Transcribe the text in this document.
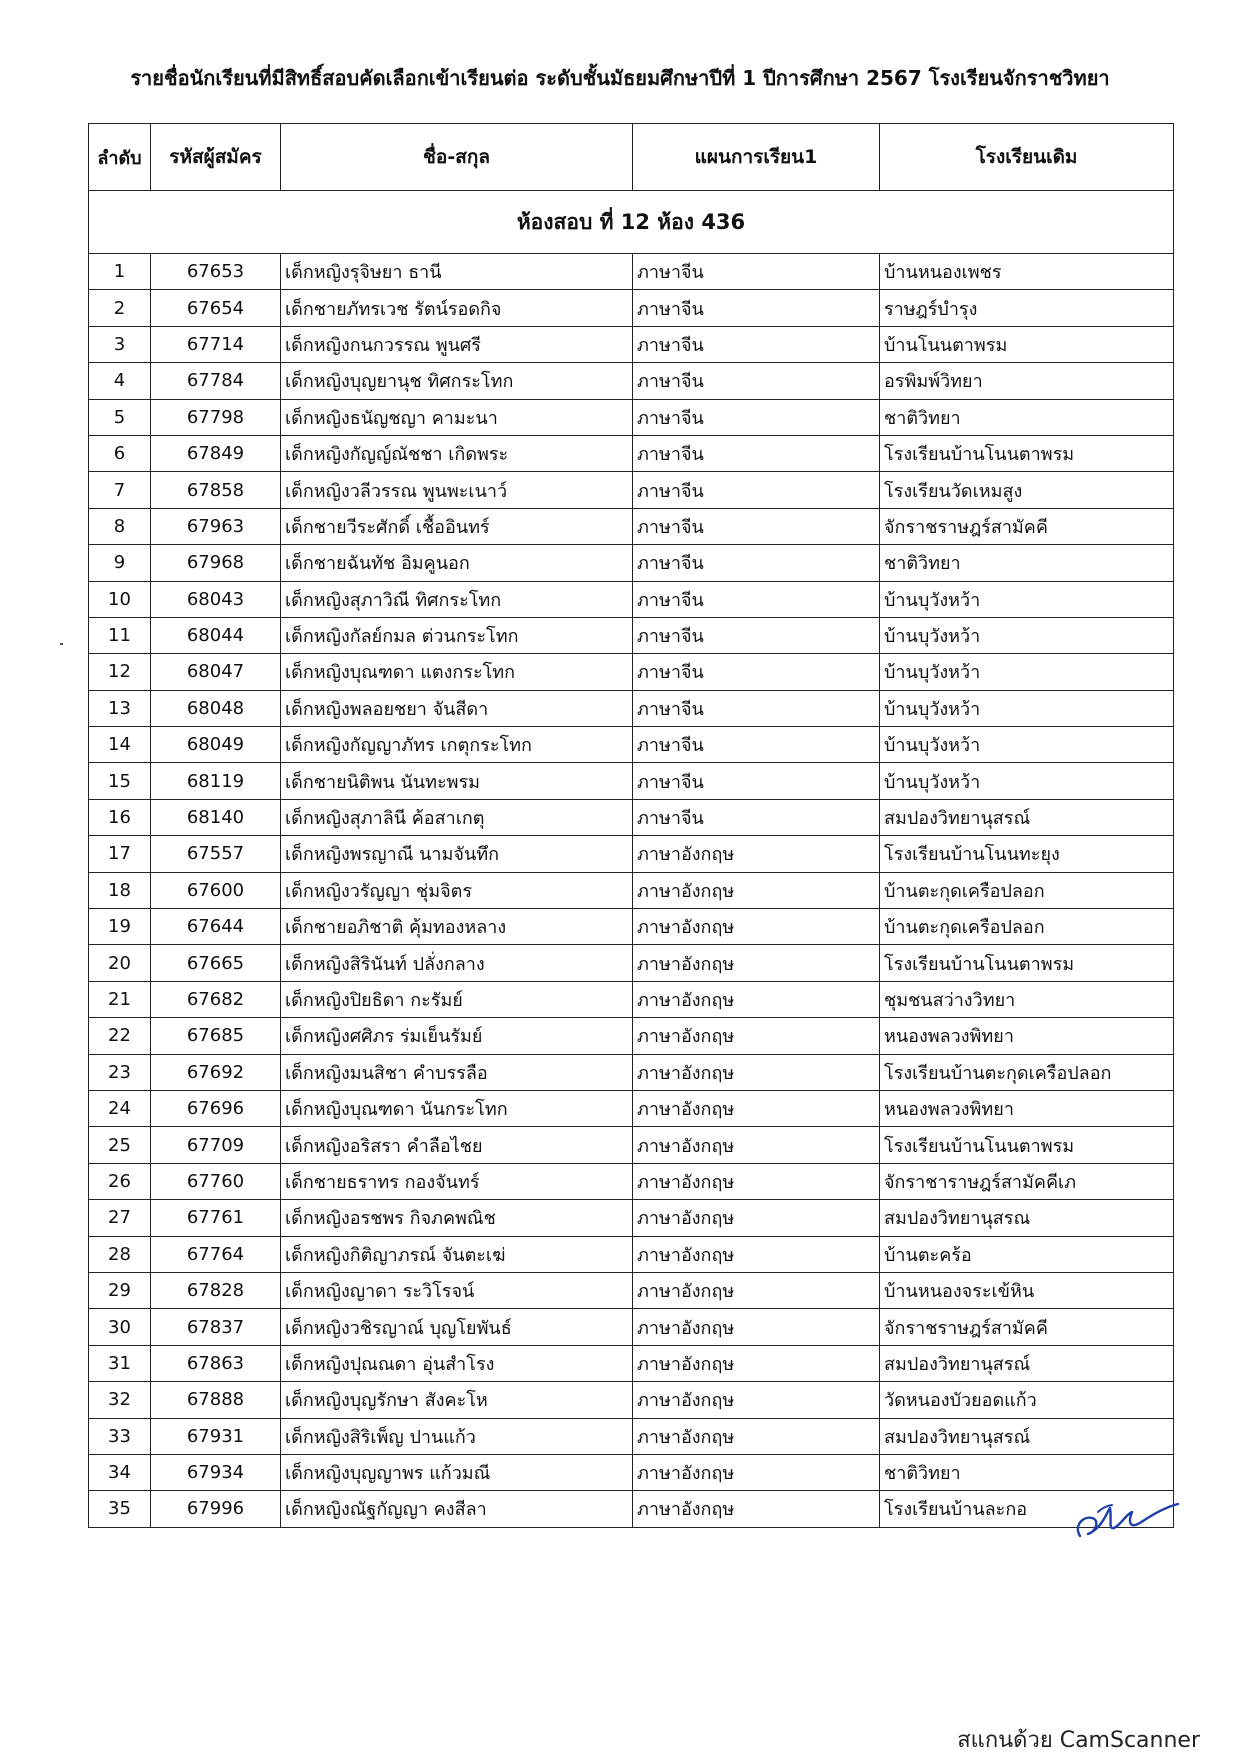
รายชื่อนักเรียนที่มีสิทธิ์สอบคัดเลือกเข้าเรียนต่อ ระดับชั้นมัธยมศึกษาปีที่ 1 ปีการศึกษา 2567 โรงเรียนจักราชวิทยา
ลำดับ	รหัสผู้สมัคร	ชื่อ-สกุล	แผนการเรียน1	โรงเรียนเดิม
ห้องสอบ ที่ 12 ห้อง 436				
1	67653	เด็กหญิงรุจิษยา ธานี	ภาษาจีน	บ้านหนองเพชร
2	67654	เด็กชายภัทรเวช รัตน์รอดกิจ	ภาษาจีน	ราษฎร์บำรุง
3	67714	เด็กหญิงกนกวรรณ พูนศรี	ภาษาจีน	บ้านโนนตาพรม
4	67784	เด็กหญิงบุญยานุช ทิศกระโทก	ภาษาจีน	อรพิมพ์วิทยา
5	67798	เด็กหญิงธนัญชญา คามะนา	ภาษาจีน	ชาติวิทยา
6	67849	เด็กหญิงกัญญ์ณัชชา เกิดพระ	ภาษาจีน	โรงเรียนบ้านโนนตาพรม
7	67858	เด็กหญิงวลีวรรณ พูนพะเนาว์	ภาษาจีน	โรงเรียนวัดเหมสูง
8	67963	เด็กชายวีระศักดิ์ เชื้ออินทร์	ภาษาจีน	จักราชราษฎร์สามัคคี
9	67968	เด็กชายฉันทัช อิมคูนอก	ภาษาจีน	ชาติวิทยา
10	68043	เด็กหญิงสุภาวิณี ทิศกระโทก	ภาษาจีน	บ้านบุวังหว้า
11	68044	เด็กหญิงกัลย์กมล ต่วนกระโทก	ภาษาจีน	บ้านบุวังหว้า
12	68047	เด็กหญิงบุณฑดา แตงกระโทก	ภาษาจีน	บ้านบุวังหว้า
13	68048	เด็กหญิงพลอยชยา จันสีดา	ภาษาจีน	บ้านบุวังหว้า
14	68049	เด็กหญิงกัญญาภัทร เกตุกระโทก	ภาษาจีน	บ้านบุวังหว้า
15	68119	เด็กชายนิติพน นันทะพรม	ภาษาจีน	บ้านบุวังหว้า
16	68140	เด็กหญิงสุภาลินี ค้อสาเกตุ	ภาษาจีน	สมปองวิทยานุสรณ์
17	67557	เด็กหญิงพรญาณี นามจันทึก	ภาษาอังกฤษ	โรงเรียนบ้านโนนทะยุง
18	67600	เด็กหญิงวรัญญา ชุ่มจิตร	ภาษาอังกฤษ	บ้านตะกุดเครือปลอก
19	67644	เด็กชายอภิชาติ คุ้มทองหลาง	ภาษาอังกฤษ	บ้านตะกุดเครือปลอก
20	67665	เด็กหญิงสิรินันท์ ปลั่งกลาง	ภาษาอังกฤษ	โรงเรียนบ้านโนนตาพรม
21	67682	เด็กหญิงปิยธิดา กะรัมย์	ภาษาอังกฤษ	ชุมชนสว่างวิทยา
22	67685	เด็กหญิงศศิภร ร่มเย็นรัมย์	ภาษาอังกฤษ	หนองพลวงพิทยา
23	67692	เด็กหญิงมนสิชา คำบรรลือ	ภาษาอังกฤษ	โรงเรียนบ้านตะกุดเครือปลอก
24	67696	เด็กหญิงบุณฑดา นันกระโทก	ภาษาอังกฤษ	หนองพลวงพิทยา
25	67709	เด็กหญิงอริสรา คำลือไชย	ภาษาอังกฤษ	โรงเรียนบ้านโนนตาพรม
26	67760	เด็กชายธราทร กองจันทร์	ภาษาอังกฤษ	จักราชาราษฎร์สามัคคีเภ
27	67761	เด็กหญิงอรชพร กิจภคพณิช	ภาษาอังกฤษ	สมปองวิทยานุสรณ
28	67764	เด็กหญิงกิติญาภรณ์ จันตะเฆ่	ภาษาอังกฤษ	บ้านตะคร้อ
29	67828	เด็กหญิงญาดา ระวิโรจน์	ภาษาอังกฤษ	บ้านหนองจระเข้หิน
30	67837	เด็กหญิงวชิรญาณ์ บุญโยพันธ์	ภาษาอังกฤษ	จักราชราษฎร์สามัคคี
31	67863	เด็กหญิงปุณณดา อุ่นสำโรง	ภาษาอังกฤษ	สมปองวิทยานุสรณ์
32	67888	เด็กหญิงบุญรักษา สังคะโห	ภาษาอังกฤษ	วัดหนองบัวยอดแก้ว
33	67931	เด็กหญิงสิริเพ็ญ ปานแก้ว	ภาษาอังกฤษ	สมปองวิทยานุสรณ์
34	67934	เด็กหญิงบุญญาพร แก้วมณี	ภาษาอังกฤษ	ชาติวิทยา
35	67996	เด็กหญิงณัฐกัญญา คงสีลา	ภาษาอังกฤษ	โรงเรียนบ้านละกอ
สแกนด้วย CamScanner
